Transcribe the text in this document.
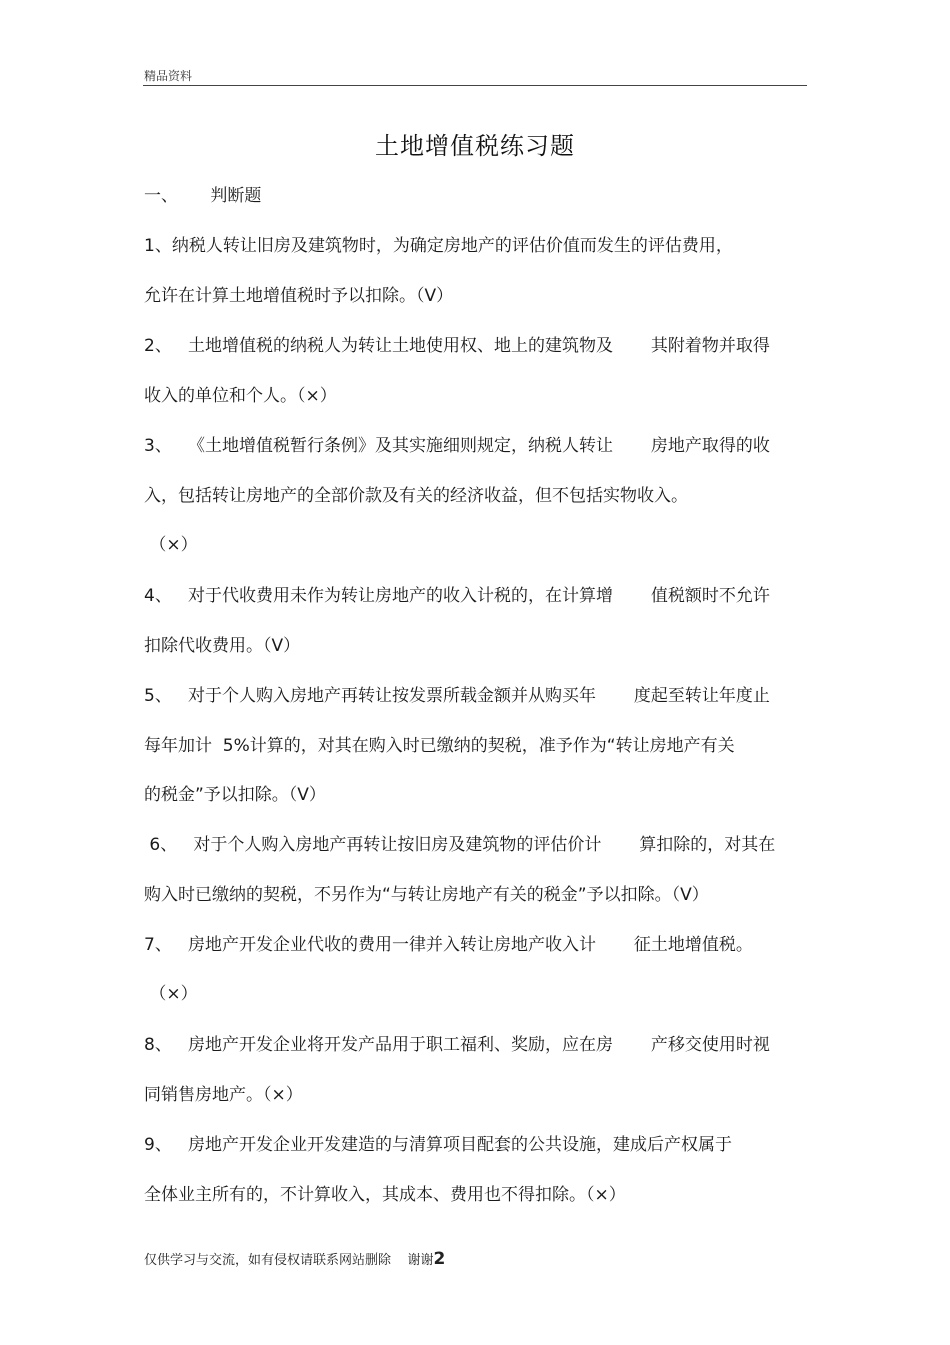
精品资料
土地增值税练习题
一、      判断题
1、纳税人转让旧房及建筑物时，为确定房地产的评估价值而发生的评估费用，
允许在计算土地增值税时予以扣除。（V）
2、   土地增值税的纳税人为转让土地使用权、地上的建筑物及       其附着物并取得
收入的单位和个人。（×）
3、   《土地增值税暂行条例》及其实施细则规定，纳税人转让       房地产取得的收
入，包括转让房地产的全部价款及有关的经济收益，但不包括实物收入。
（×）
4、   对于代收费用未作为转让房地产的收入计税的，在计算增       值税额时不允许
扣除代收费用。（V）
5、   对于个人购入房地产再转让按发票所载金额并从购买年       度起至转让年度止
每年加计  5%计算的，对其在购入时已缴纳的契税，准予作为“转让房地产有关
的税金”予以扣除。（V）
6、   对于个人购入房地产再转让按旧房及建筑物的评估价计       算扣除的，对其在
购入时已缴纳的契税，不另作为“与转让房地产有关的税金”予以扣除。（V）
7、   房地产开发企业代收的费用一律并入转让房地产收入计       征土地增值税。
（×）
8、   房地产开发企业将开发产品用于职工福利、奖励，应在房       产移交使用时视
同销售房地产。（×）
9、   房地产开发企业开发建造的与清算项目配套的公共设施，建成后产权属于
全体业主所有的，不计算收入，其成本、费用也不得扣除。（×）
仅供学习与交流，如有侵权请联系网站删除    谢谢2
